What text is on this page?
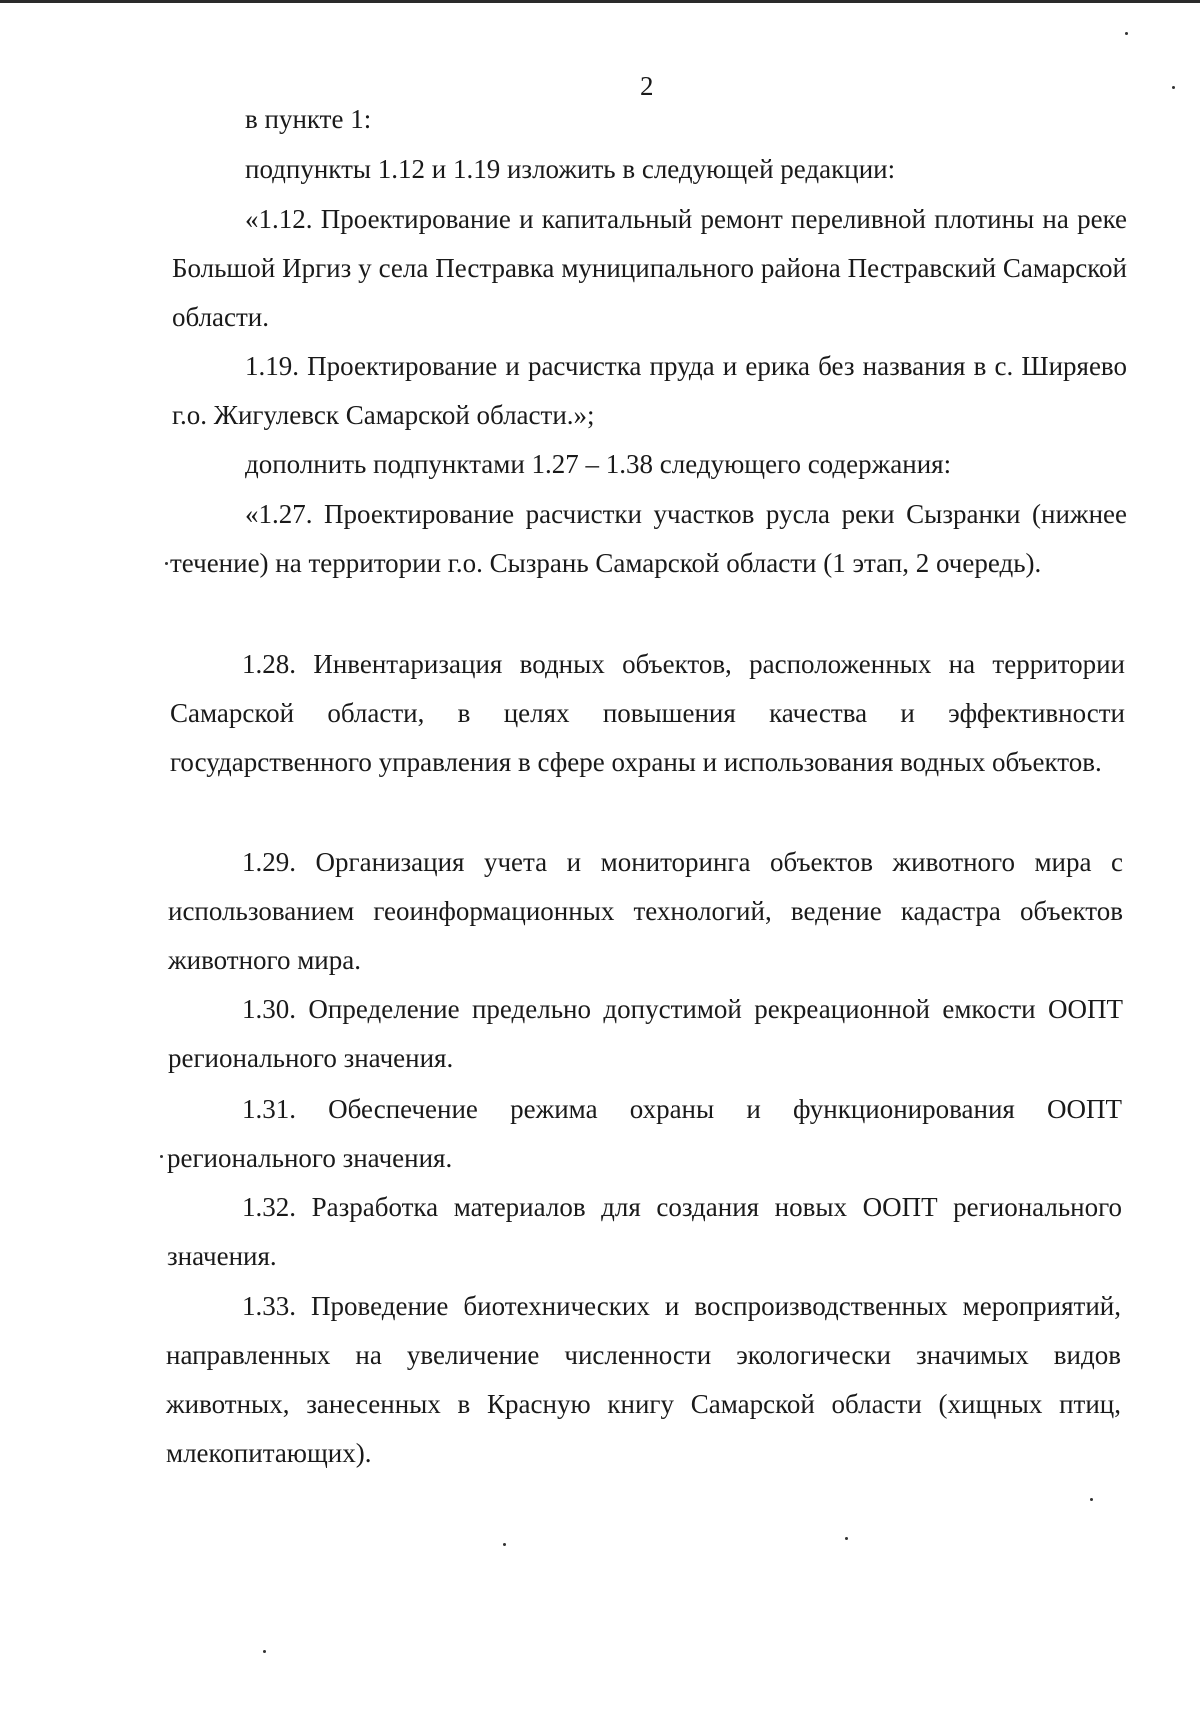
2

в пункте 1:

подпункты 1.12 и 1.19 изложить в следующей редакции:

«1.12. Проектирование и капитальный ремонт переливной плотины на реке Большой Иргиз у села Пестравка муниципального района Пестравский Самарской области.

1.19. Проектирование и расчистка пруда и ерика без названия в с. Ширяево г.о. Жигулевск Самарской области.»;

дополнить подпунктами 1.27 – 1.38 следующего содержания:

«1.27. Проектирование расчистки участков русла реки Сызранки (нижнее течение) на территории г.о. Сызрань Самарской области (1 этап, 2 очередь).

1.28. Инвентаризация водных объектов, расположенных на территории Самарской области, в целях повышения качества и эффективности государственного управления в сфере охраны и использования водных объектов.

1.29. Организация учета и мониторинга объектов животного мира с использованием геоинформационных технологий, ведение кадастра объектов животного мира.

1.30. Определение предельно допустимой рекреационной емкости ООПТ регионального значения.

1.31. Обеспечение режима охраны и функционирования ООПТ регионального значения.

1.32. Разработка материалов для создания новых ООПТ регионального значения.

1.33. Проведение биотехнических и воспроизводственных мероприятий, направленных на увеличение численности экологически значимых видов животных, занесенных в Красную книгу Самарской области (хищных птиц, млекопитающих).
